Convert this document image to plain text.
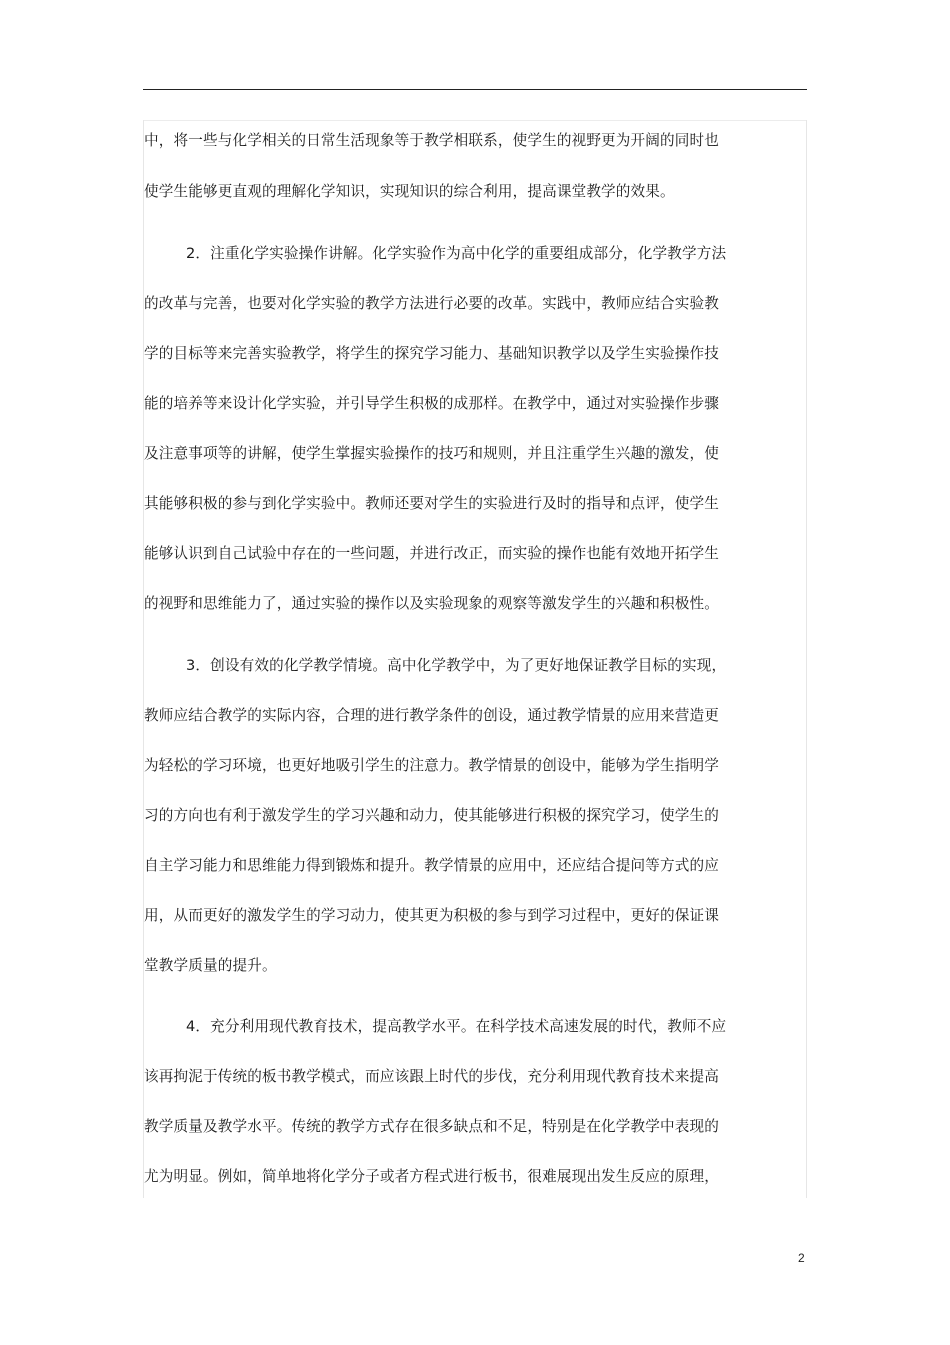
中，将一些与化学相关的日常生活现象等于教学相联系，使学生的视野更为开阔的同时也

使学生能够更直观的理解化学知识，实现知识的综合利用，提高课堂教学的效果。

2．注重化学实验操作讲解。化学实验作为高中化学的重要组成部分，化学教学方法

的改革与完善，也要对化学实验的教学方法进行必要的改革。实践中，教师应结合实验教

学的目标等来完善实验教学，将学生的探究学习能力、基础知识教学以及学生实验操作技

能的培养等来设计化学实验，并引导学生积极的成那样。在教学中，通过对实验操作步骤

及注意事项等的讲解，使学生掌握实验操作的技巧和规则，并且注重学生兴趣的激发，使

其能够积极的参与到化学实验中。教师还要对学生的实验进行及时的指导和点评，使学生

能够认识到自己试验中存在的一些问题，并进行改正，而实验的操作也能有效地开拓学生

的视野和思维能力了，通过实验的操作以及实验现象的观察等激发学生的兴趣和积极性。

3．创设有效的化学教学情境。高中化学教学中，为了更好地保证教学目标的实现，

教师应结合教学的实际内容，合理的进行教学条件的创设，通过教学情景的应用来营造更

为轻松的学习环境，也更好地吸引学生的注意力。教学情景的创设中，能够为学生指明学

习的方向也有利于激发学生的学习兴趣和动力，使其能够进行积极的探究学习，使学生的

自主学习能力和思维能力得到锻炼和提升。教学情景的应用中，还应结合提问等方式的应

用，从而更好的激发学生的学习动力，使其更为积极的参与到学习过程中，更好的保证课

堂教学质量的提升。

4．充分利用现代教育技术，提高教学水平。在科学技术高速发展的时代，教师不应

该再拘泥于传统的板书教学模式，而应该跟上时代的步伐，充分利用现代教育技术来提高

教学质量及教学水平。传统的教学方式存在很多缺点和不足，特别是在化学教学中表现的

尤为明显。例如，简单地将化学分子或者方程式进行板书，很难展现出发生反应的原理，

2
